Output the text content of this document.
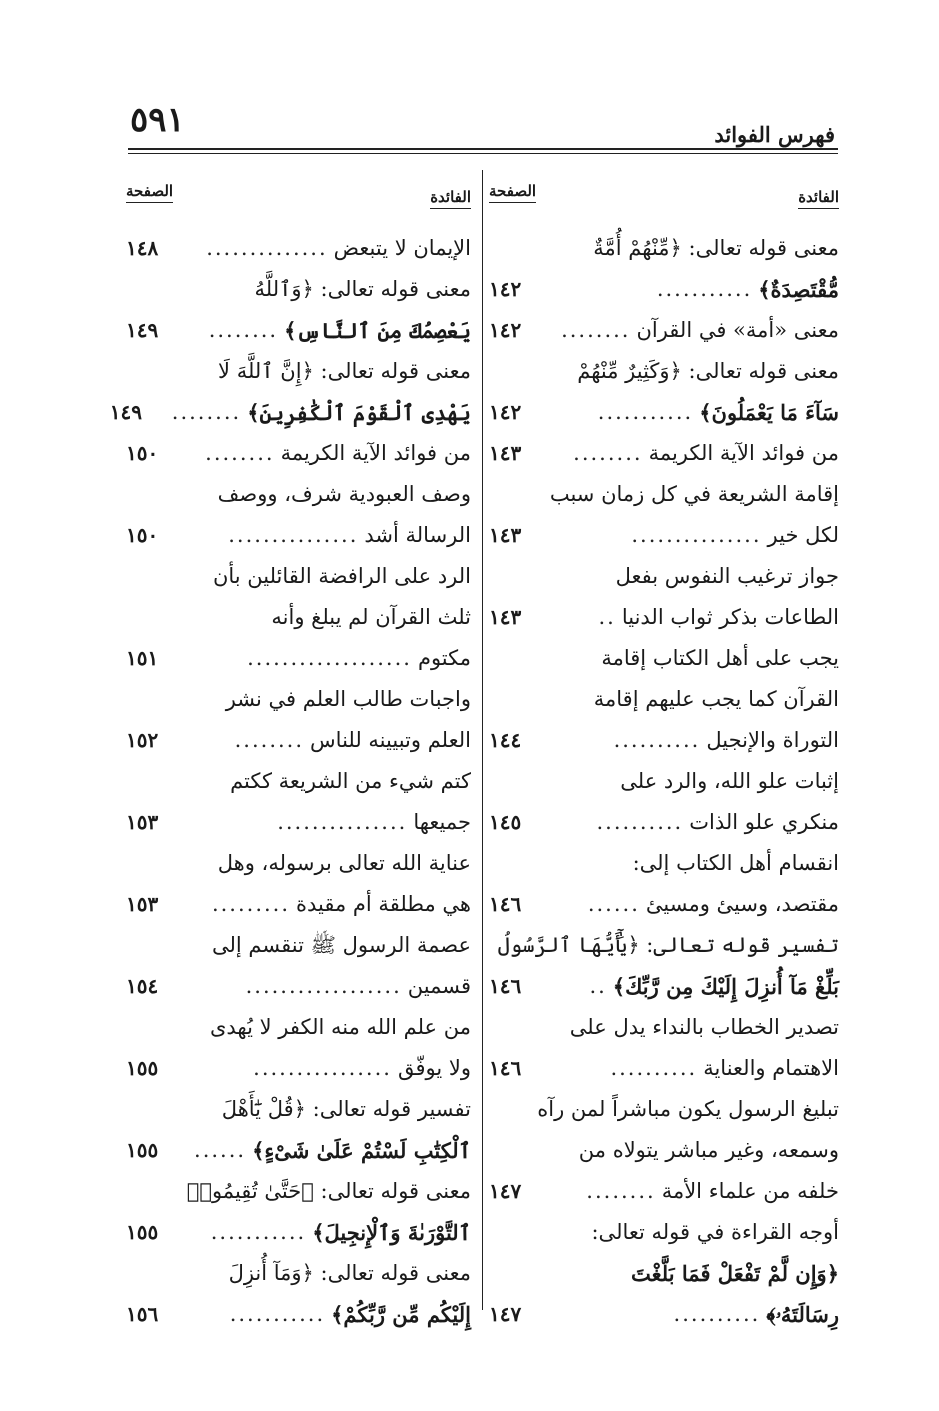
٥٩١	فهرس الفوائد
الفائدة
الصفحة
معنى قوله تعالى: ﴿مِّنْهُمْ أُمَّةٌ
مُّقْتَصِدَةٌ﴾
...........
١٤٢
معنى «أمة» في القرآن
........
١٤٢
معنى قوله تعالى: ﴿وَكَثِيرٌ مِّنْهُمْ
سَآءَ مَا يَعْمَلُونَ﴾
...........
١٤٢
من فوائد الآية الكريمة
........
١٤٣
إقامة الشريعة في كل زمان سبب
لكل خير
...............
١٤٣
جواز ترغيب النفوس بفعل
الطاعات بذكر ثواب الدنيا
..
١٤٣
يجب على أهل الكتاب إقامة
القرآن كما يجب عليهم إقامة
التوراة والإنجيل
..........
١٤٤
إثبات علو الله، والرد على
منكري علو الذات
..........
١٤٥
انقسام أهل الكتاب إلى:
مقتصد، وسيئ ومسيئ
......
١٤٦
تفسير قوله تعالى: ﴿يَٰٓأَيُّهَا ٱلرَّسُولُ
بَلِّغْ مَآ أُنزِلَ إِلَيْكَ مِن رَّبِّكَ﴾
..
١٤٦
تصدير الخطاب بالنداء يدل على
الاهتمام والعناية
..........
١٤٦
تبليغ الرسول يكون مباشراً لمن رآه
وسمعه، وغير مباشر يتولاه من
خلفه من علماء الأمة
........
١٤٧
أوجه القراءة في قوله تعالى:
﴿وَإِن لَّمْ تَفْعَلْ فَمَا بَلَّغْتَ
رِسَالَتَهُۥ﴾
..........
١٤٧
الفائدة
الصفحة
الإيمان لا يتبعض
..............
١٤٨
معنى قوله تعالى: ﴿وَٱللَّهُ
يَعْصِمُكَ مِنَ ٱلنَّاسِ﴾
........
١٤٩
معنى قوله تعالى: ﴿إِنَّ ٱللَّهَ لَا
يَهْدِى ٱلْقَوْمَ ٱلْكَٰفِرِينَ﴾
........
١٤٩
من فوائد الآية الكريمة
........
١٥٠
وصف العبودية شرف، ووصف
الرسالة أشد
...............
١٥٠
الرد على الرافضة القائلين بأن
ثلث القرآن لم يبلغ وأنه
مكتوم
...................
١٥١
واجبات طالب العلم في نشر
العلم وتبيينه للناس
........
١٥٢
كتم شيء من الشريعة ككتم
جميعها
...............
١٥٣
عناية الله تعالى برسوله، وهل
هي مطلقة أم مقيدة
.........
١٥٣
عصمة الرسول ﷺ تنقسم إلى
قسمين
..................
١٥٤
من علم الله منه الكفر لا يُهدى
ولا يوفّق
................
١٥٥
تفسير قوله تعالى: ﴿قُلْ يَٰٓأَهْلَ
ٱلْكِتَٰبِ لَسْتُمْ عَلَىٰ شَىْءٍ﴾
......
١٥٥
معنى قوله تعالى: ﴿حَتَّىٰ تُقِيمُوا۟
ٱلتَّوْرَىٰةَ وَٱلْإِنجِيلَ﴾
...........
١٥٥
معنى قوله تعالى: ﴿وَمَآ أُنزِلَ
إِلَيْكُم مِّن رَّبِّكُمْ﴾
...........
١٥٦
